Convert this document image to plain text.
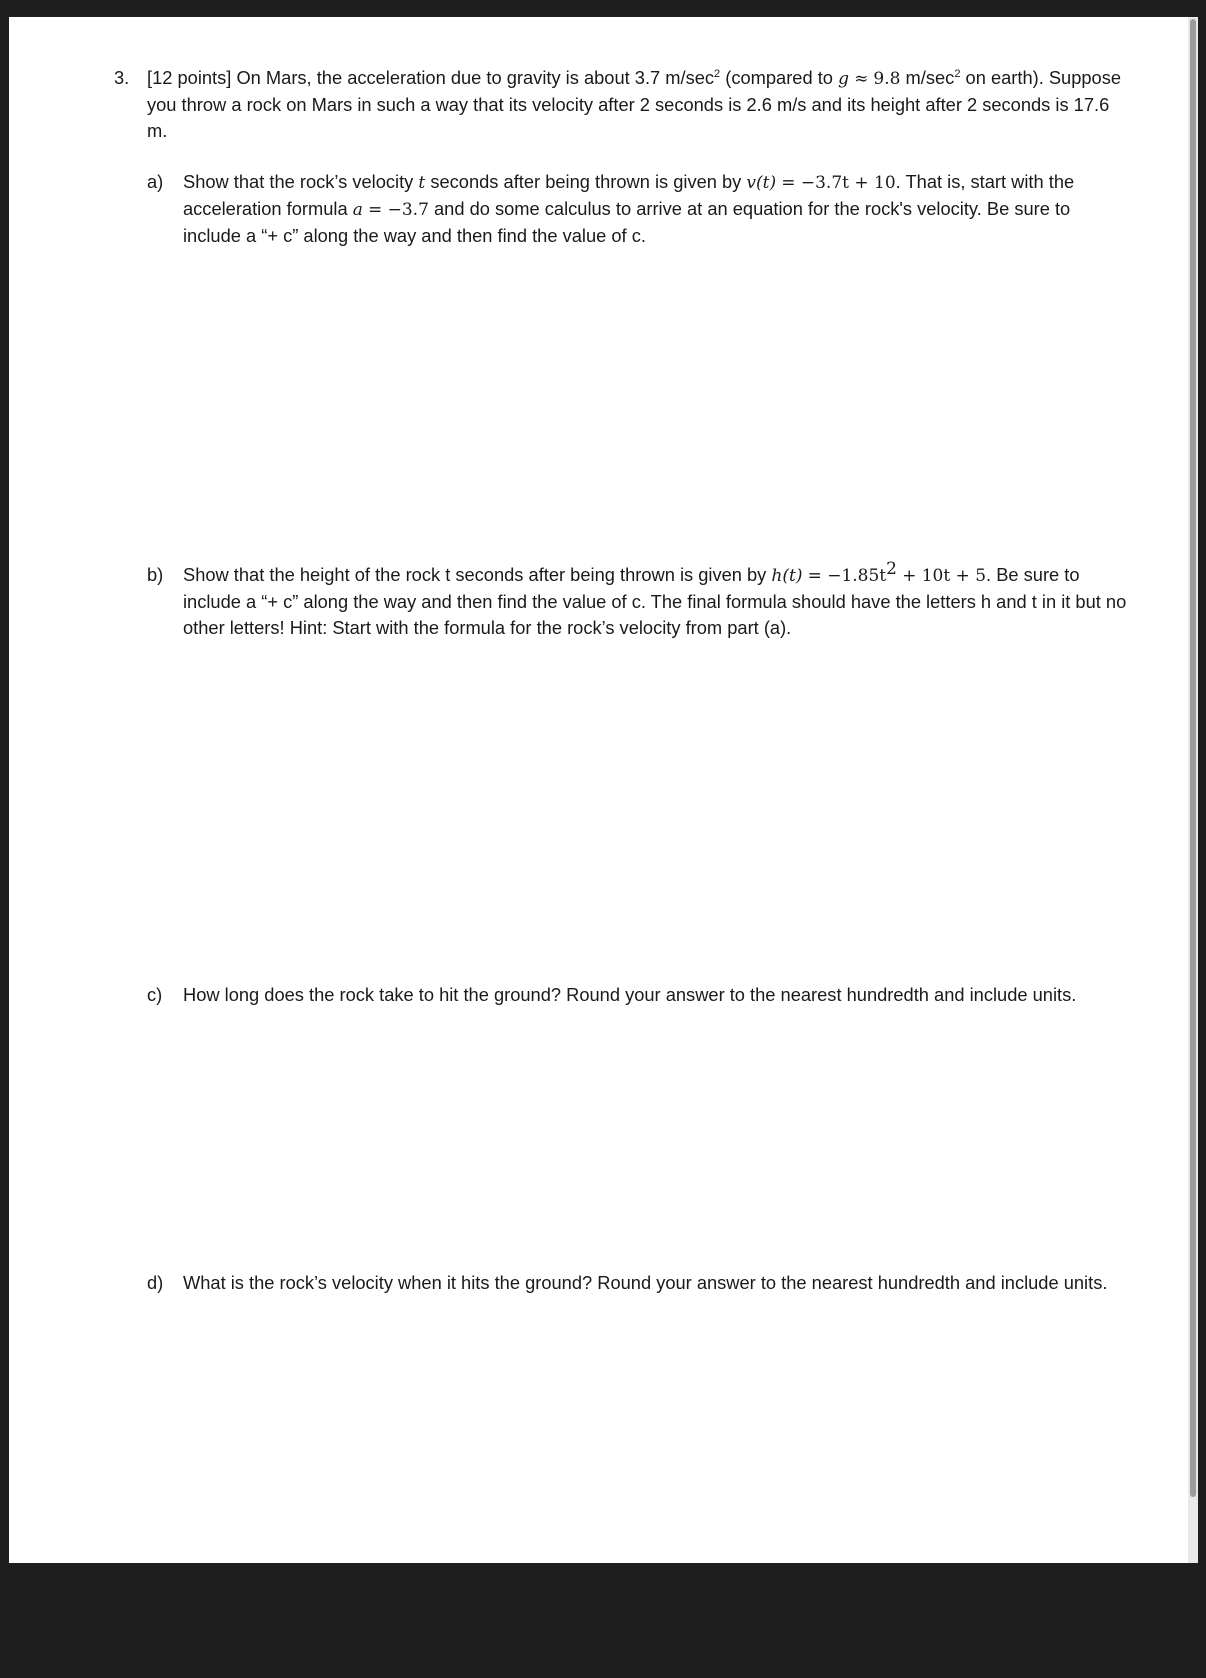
3. [12 points] On Mars, the acceleration due to gravity is about 3.7 $m/\sec^2$ (compared to g ≈ 9.8 $m/\sec^2$ on earth). Suppose you throw a rock on Mars in such a way that its velocity after 2 seconds is 2.6 m/s and its height after 2 seconds is 17.6 m.
a) Show that the rock’s velocity t seconds after being thrown is given by v(t) = −3.7t + 10. That is, start with the acceleration formula a = −3.7 and do some calculus to arrive at an equation for the rock's velocity. Be sure to include a “+ c” along the way and then find the value of c.
b) Show that the height of the rock t seconds after being thrown is given by $h(t) = -1.85t^2 + 10t + 5$. Be sure to include a “+ c” along the way and then find the value of c. The final formula should have the letters h and t in it but no other letters! Hint: Start with the formula for the rock’s velocity from part (a).
c) How long does the rock take to hit the ground? Round your answer to the nearest hundredth and include units.
d) What is the rock’s velocity when it hits the ground? Round your answer to the nearest hundredth and include units.
